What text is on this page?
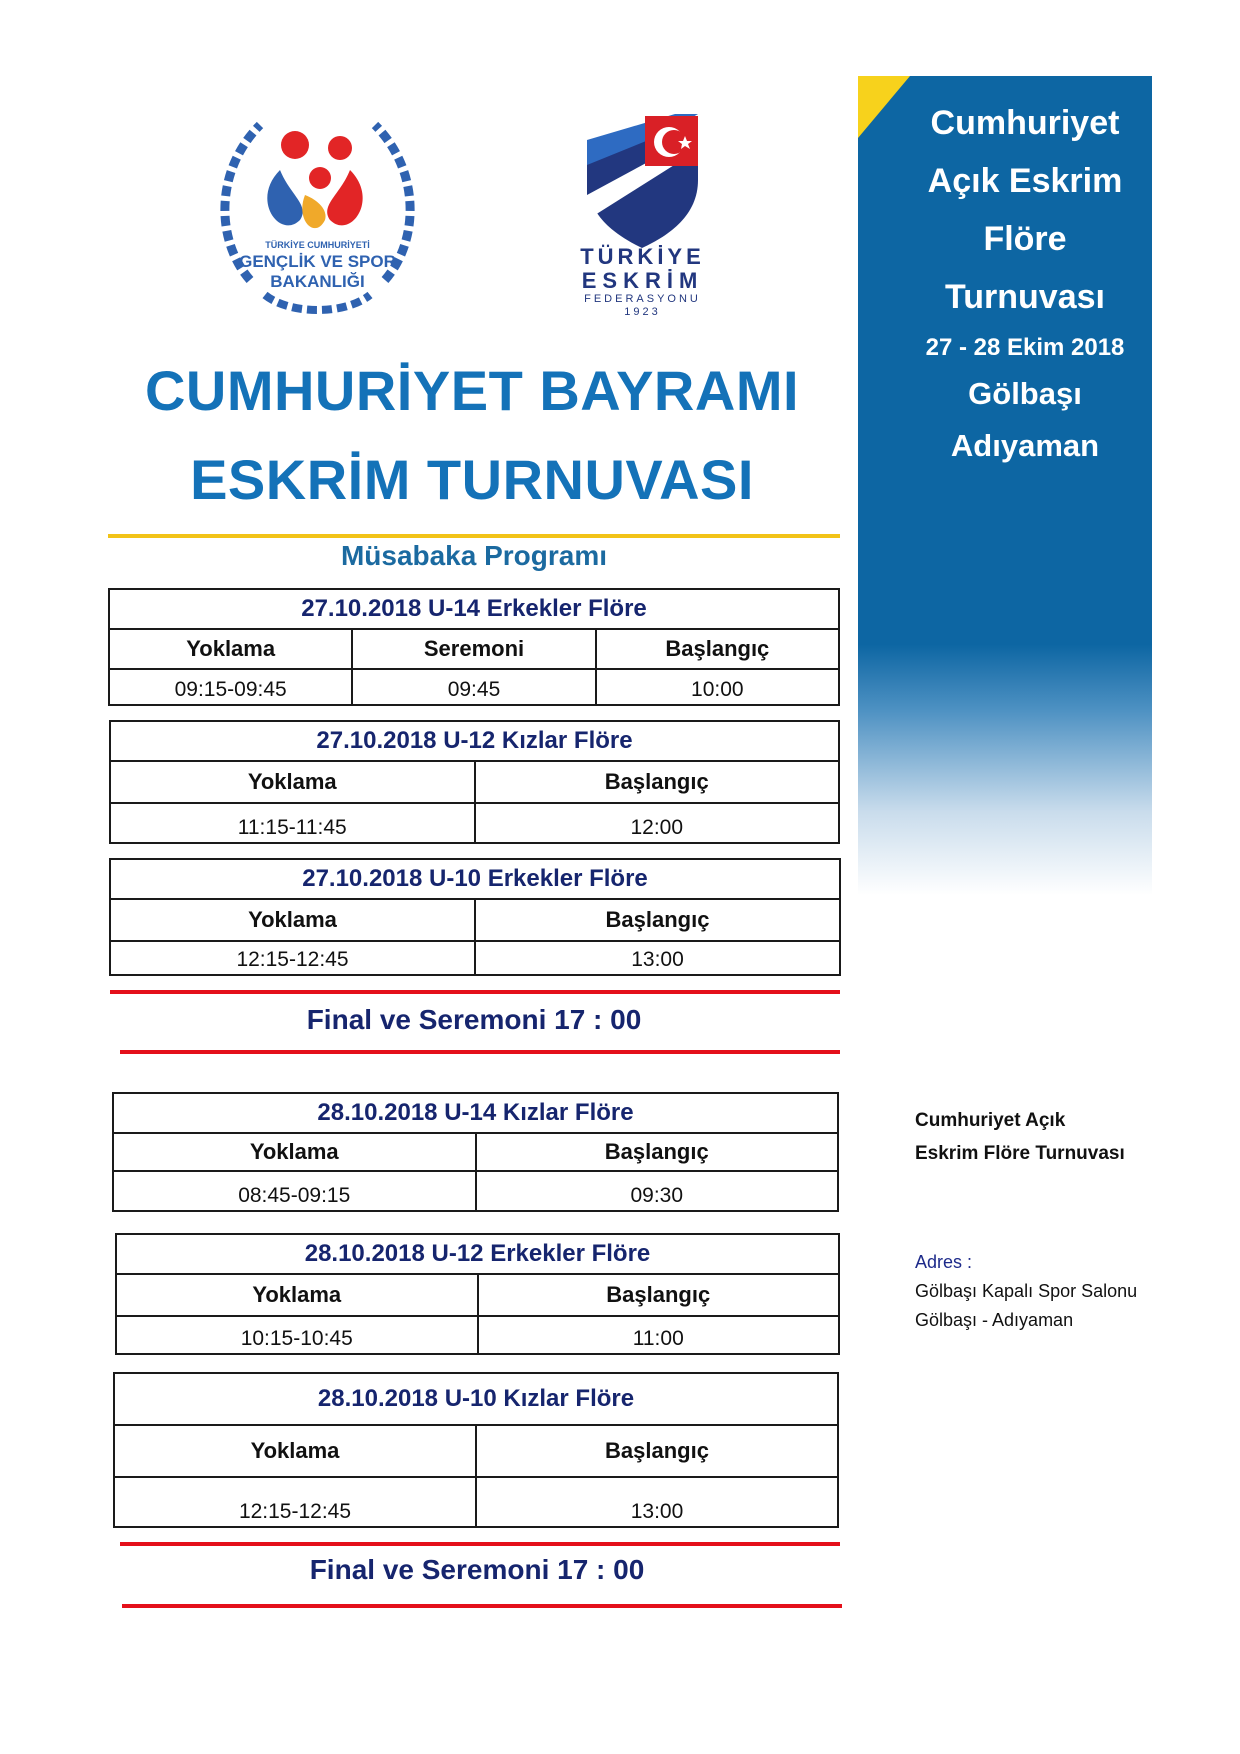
TÜRKİYE CUMHURİYETİ
GENÇLİK VE SPOR
BAKANLIĞI
TÜRKİYE
ESKRİM
FEDERASYONU
1923
CUMHURİYET BAYRAMI
ESKRİM TURNUVASI
Müsabaka Programı
27.10.2018 U-14 Erkekler Flöre		
Yoklama	Seremoni	Başlangıç
09:15-09:45	09:45	10:00
27.10.2018 U-12 Kızlar Flöre	
Yoklama	Başlangıç
11:15-11:45	12:00
27.10.2018 U-10 Erkekler Flöre	
Yoklama	Başlangıç
12:15-12:45	13:00
Final ve Seremoni 17 : 00
28.10.2018 U-14 Kızlar Flöre	
Yoklama	Başlangıç
08:45-09:15	09:30
28.10.2018 U-12 Erkekler Flöre	
Yoklama	Başlangıç
10:15-10:45	11:00
28.10.2018 U-10 Kızlar Flöre	
Yoklama	Başlangıç
12:15-12:45	13:00
Final ve Seremoni 17 : 00
Cumhuriyet
Açık Eskrim
Flöre
Turnuvası
27 - 28 Ekim 2018
Gölbaşı
Adıyaman
Cumhuriyet Açık
Eskrim Flöre Turnuvası
Adres :
Gölbaşı Kapalı Spor Salonu
Gölbaşı - Adıyaman
